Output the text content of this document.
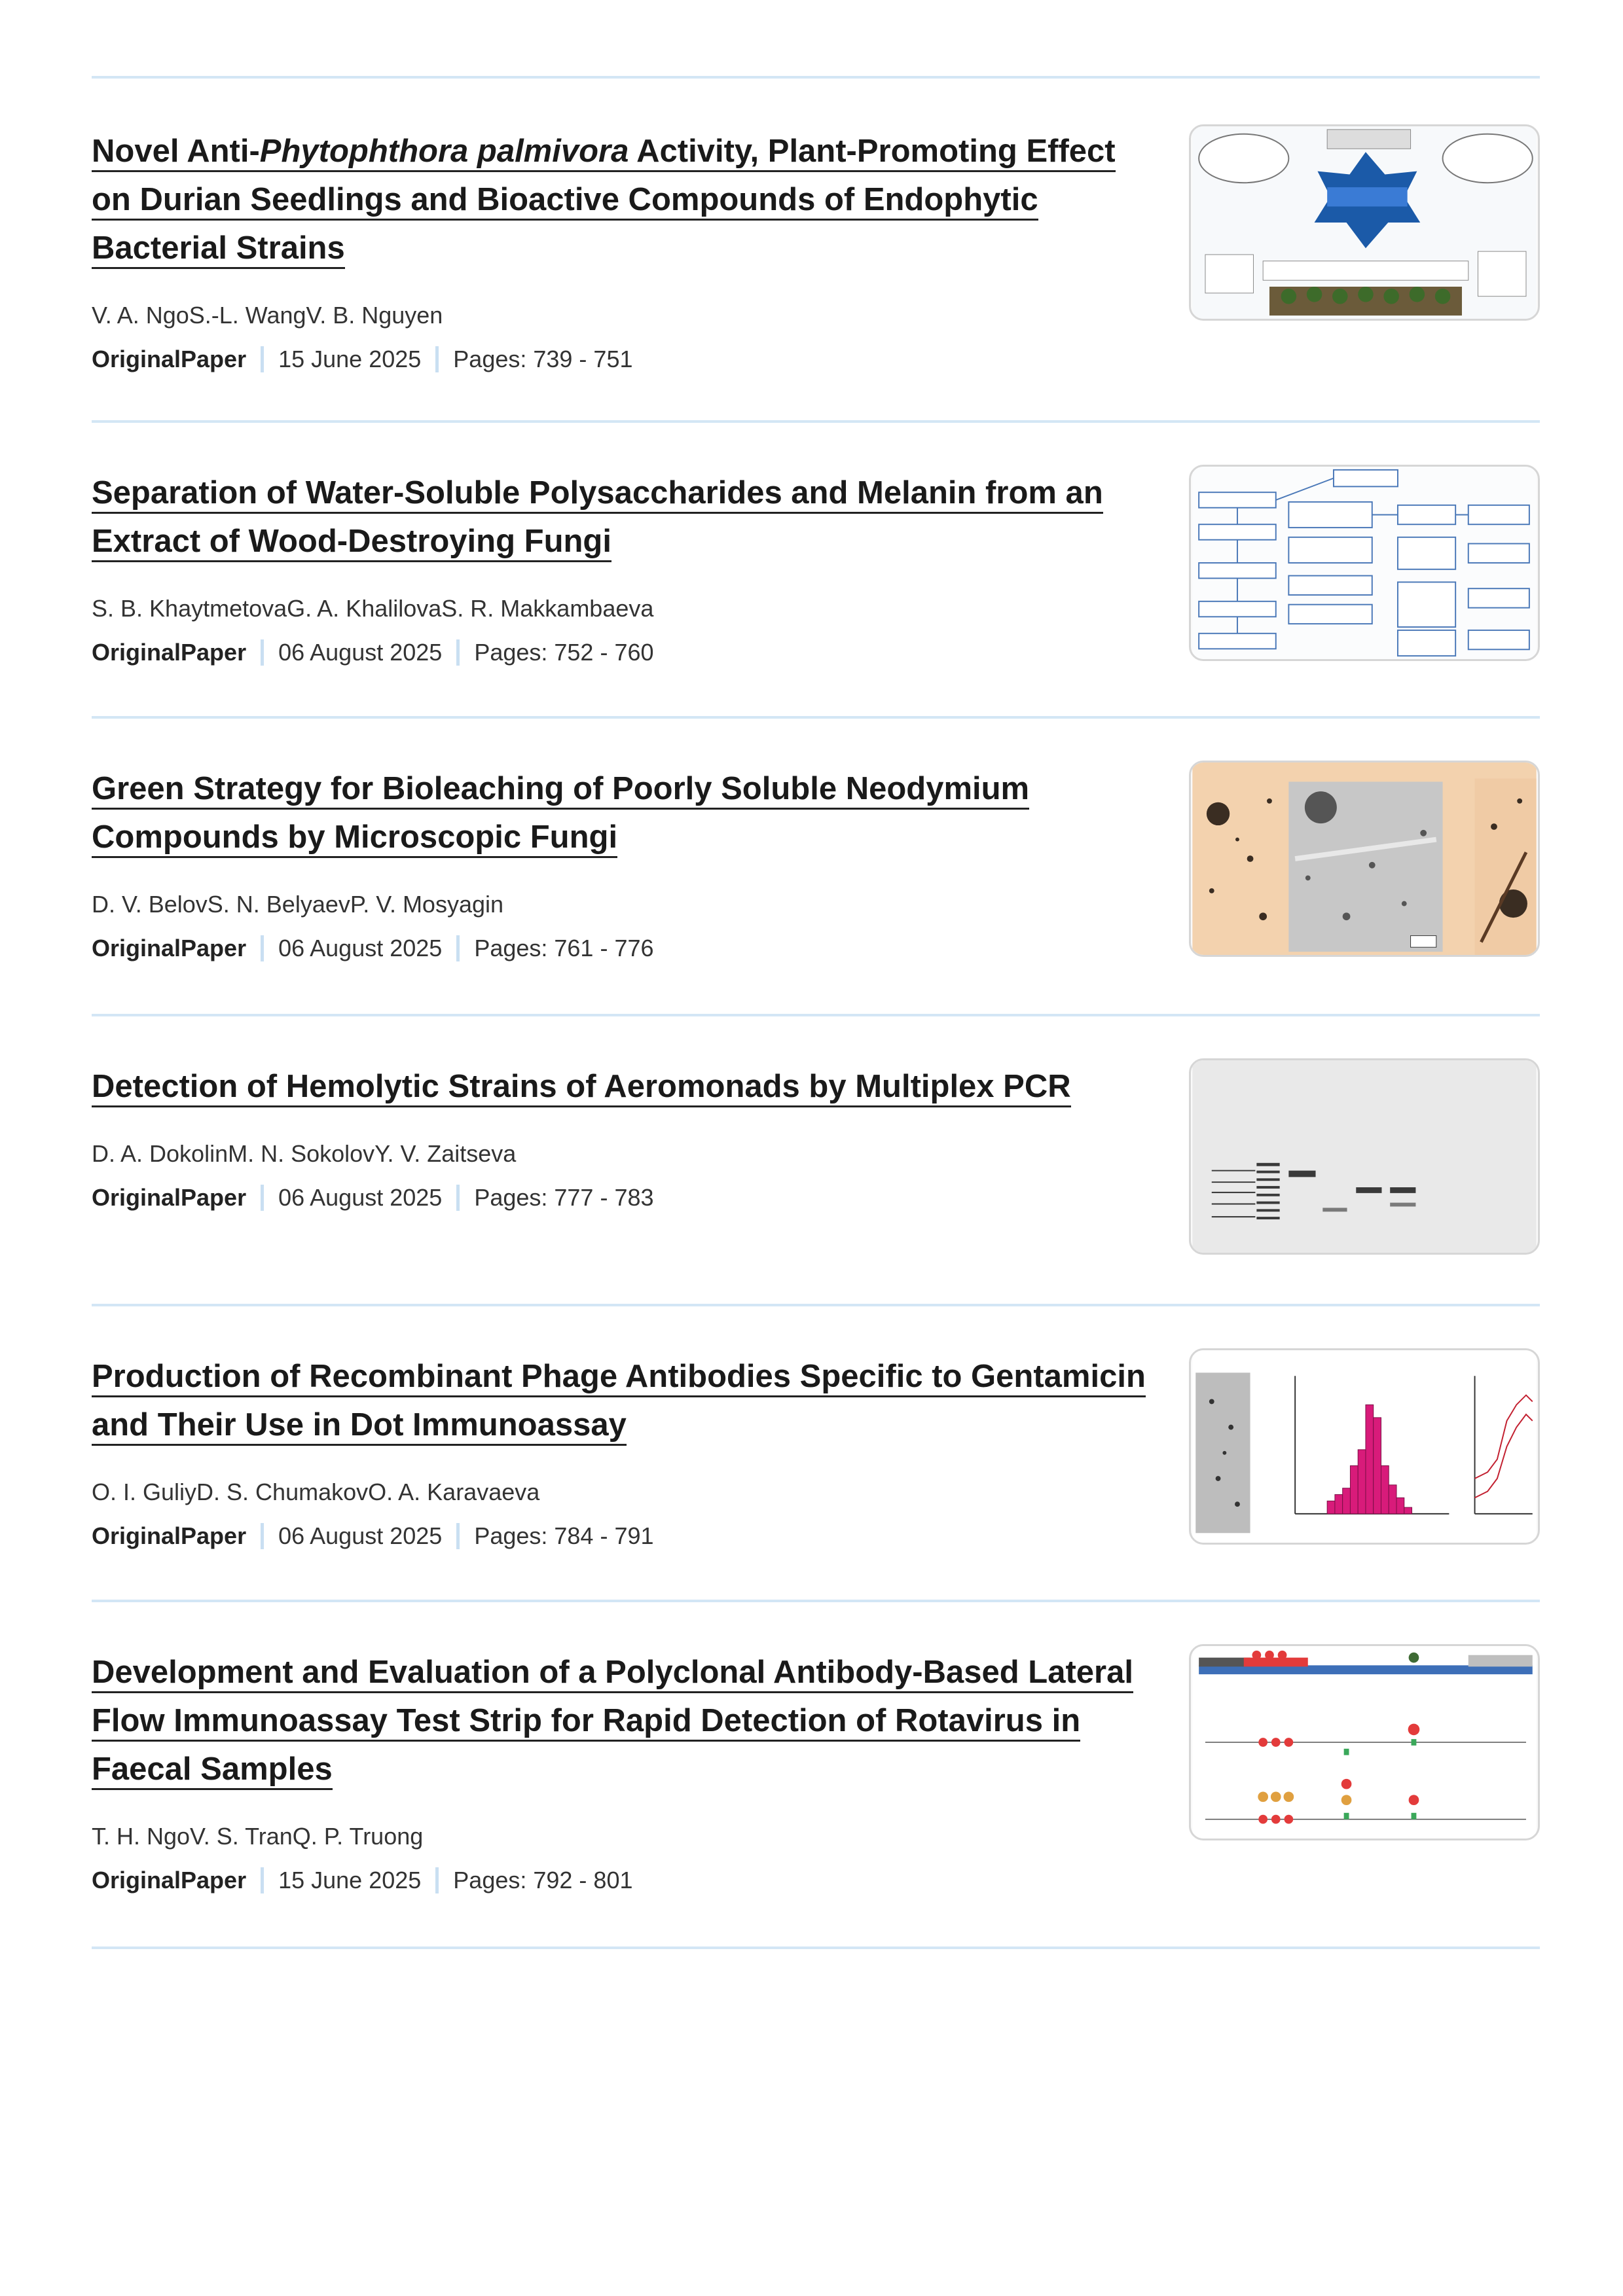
Novel Anti-Phytophthora palmivora Activity, Plant-Promoting Effect on Durian Seedlings and Bioactive Compounds of Endophytic Bacterial Strains
V. A. NgoS.-L. WangV. B. Nguyen
OriginalPaper 15 June 2025 Pages: 739 - 751
Separation of Water-Soluble Polysaccharides and Melanin from an Extract of Wood-Destroying Fungi
S. B. KhaytmetovaG. A. KhalilovaS. R. Makkambaeva
OriginalPaper 06 August 2025 Pages: 752 - 760
Green Strategy for Bioleaching of Poorly Soluble Neodymium Compounds by Microscopic Fungi
D. V. BelovS. N. BelyaevP. V. Mosyagin
OriginalPaper 06 August 2025 Pages: 761 - 776
Detection of Hemolytic Strains of Aeromonads by Multiplex PCR
D. A. DokolinM. N. SokolovY. V. Zaitseva
OriginalPaper 06 August 2025 Pages: 777 - 783
Production of Recombinant Phage Antibodies Specific to Gentamicin and Their Use in Dot Immunoassay
O. I. GuliyD. S. ChumakovO. A. Karavaeva
OriginalPaper 06 August 2025 Pages: 784 - 791
Development and Evaluation of a Polyclonal Antibody-Based Lateral Flow Immunoassay Test Strip for Rapid Detection of Rotavirus in Faecal Samples
T. H. NgoV. S. TranQ. P. Truong
OriginalPaper 15 June 2025 Pages: 792 - 801
